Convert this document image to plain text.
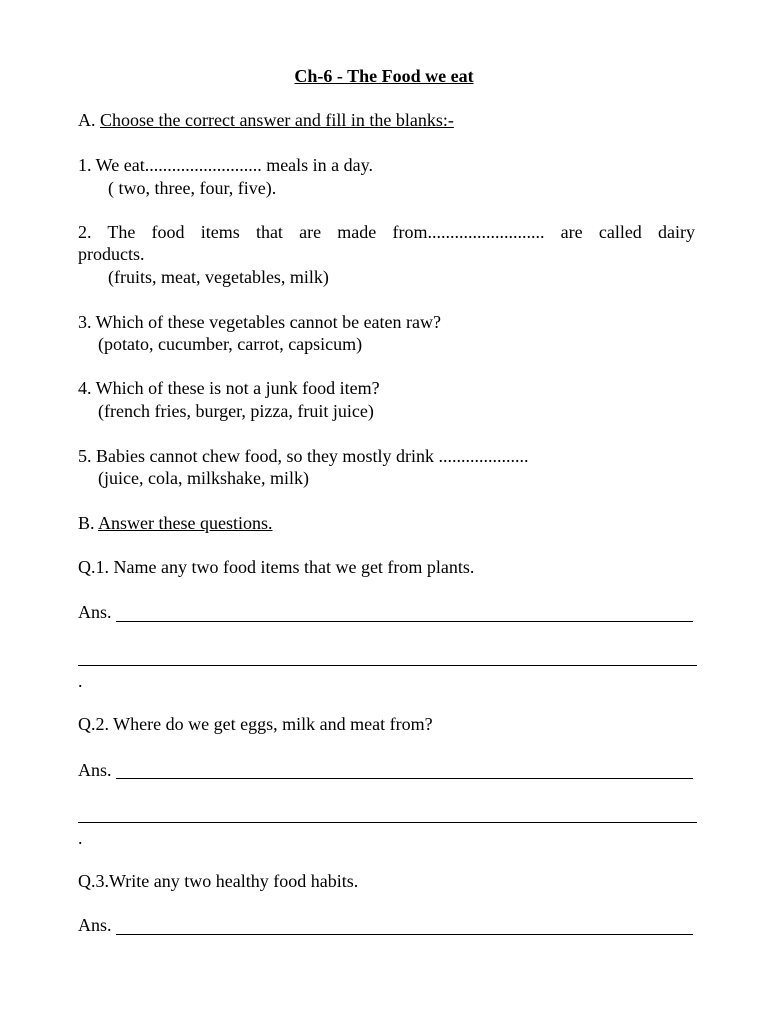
Ch-6 - The Food we eat
A. Choose the correct answer and fill in the blanks:-
1. We eat.......................... meals in a day.
( two, three, four, five).
2. The food items that are made from.......................... are called dairy
products.
(fruits, meat, vegetables, milk)
3. Which of these vegetables cannot be eaten raw?
(potato, cucumber, carrot, capsicum)
4. Which of these is not a junk food item?
(french fries, burger, pizza, fruit juice)
5. Babies cannot chew food, so they mostly drink ....................
(juice, cola, milkshake, milk)
B. Answer these questions.
Q.1. Name any two food items that we get from plants.
Ans.
.
Q.2. Where do we get eggs, milk and meat from?
Ans.
.
Q.3.Write any two healthy food habits.
Ans.
